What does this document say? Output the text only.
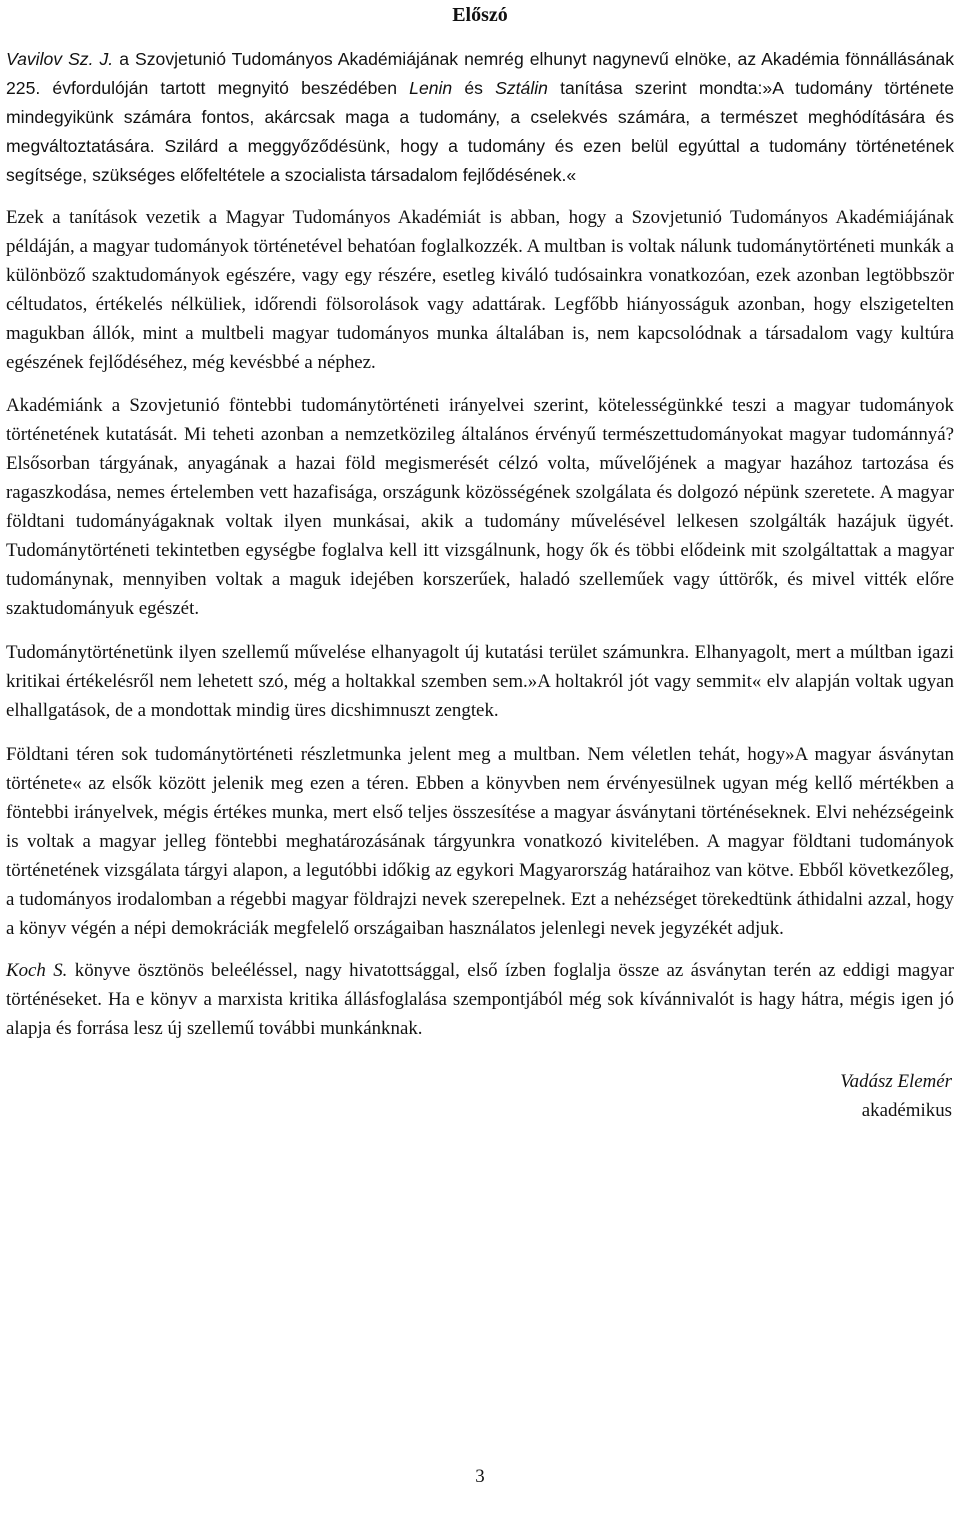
Előszó

Vavilov Sz. J. a Szovjetunió Tudományos Akadémiájának nemrég elhunyt nagynevű elnöke, az Akadémia fönnállásának 225. évfordulóján tartott megnyitó beszédében Lenin és Sztálin tanítása szerint mondta:»A tudomány története mindegyikünk számára fontos, akárcsak maga a tudomány, a cselekvés számára, a természet meghódítására és megváltoztatására. Szilárd a meggyőződésünk, hogy a tudomány és ezen belül egyúttal a tudomány történetének segítsége, szükséges előfeltétele a szocialista társadalom fejlődésének.«

Ezek a tanítások vezetik a Magyar Tudományos Akadémiát is abban, hogy a Szovjetunió Tudományos Akadémiájának példáján, a magyar tudományok történetével behatóan foglalkozzék. A multban is voltak nálunk tudománytörténeti munkák a különböző szaktudományok egészére, vagy egy részére, esetleg kiváló tudósainkra vonatkozóan, ezek azonban legtöbbször céltudatos, értékelés nélküliek, időrendi fölsorolások vagy adattárak. Legfőbb hiányosságuk azonban, hogy elszigetelten magukban állók, mint a multbeli magyar tudományos munka általában is, nem kapcsolódnak a társadalom vagy kultúra egészének fejlődéséhez, még kevésbbé a néphez.

Akadémiánk a Szovjetunió föntebbi tudománytörténeti irányelvei szerint, kötelességünkké teszi a magyar tudományok történetének kutatását. Mi teheti azonban a nemzetközileg általános érvényű természettudományokat magyar tudománnyá? Elsősorban tárgyának, anyagának a hazai föld megismerését célzó volta, művelőjének a magyar hazához tartozása és ragaszkodása, nemes értelemben vett hazafisága, országunk közösségének szolgálata és dolgozó népünk szeretete. A magyar földtani tudományágaknak voltak ilyen munkásai, akik a tudomány művelésével lelkesen szolgálták hazájuk ügyét. Tudománytörténeti tekintetben egységbe foglalva kell itt vizsgálnunk, hogy ők és többi elődeink mit szolgáltattak a magyar tudománynak, mennyiben voltak a maguk idejében korszerűek, haladó szelleműek vagy úttörők, és mivel vitték előre szaktudományuk egészét.

Tudománytörténetünk ilyen szellemű művelése elhanyagolt új kutatási terület számunkra. Elhanyagolt, mert a múltban igazi kritikai értékelésről nem lehetett szó, még a holtakkal szemben sem.»A holtakról jót vagy semmit« elv alapján voltak ugyan elhallgatások, de a mondottak mindig üres dicshimnuszt zengtek.

Földtani téren sok tudománytörténeti részletmunka jelent meg a multban. Nem véletlen tehát, hogy»A magyar ásványtan története« az elsők között jelenik meg ezen a téren. Ebben a könyvben nem érvényesülnek ugyan még kellő mértékben a föntebbi irányelvek, mégis értékes munka, mert első teljes összesítése a magyar ásványtani történéseknek. Elvi nehézségeink is voltak a magyar jelleg föntebbi meghatározásának tárgyunkra vonatkozó kivitelében. A magyar földtani tudományok történetének vizsgálata tárgyi alapon, a legutóbbi időkig az egykori Magyarország határaihoz van kötve. Ebből következőleg, a tudományos irodalomban a régebbi magyar földrajzi nevek szerepelnek. Ezt a nehézséget törekedtünk áthidalni azzal, hogy a könyv végén a népi demokráciák megfelelő országaiban használatos jelenlegi nevek jegyzékét adjuk.

Koch S. könyve ösztönös beleéléssel, nagy hivatottsággal, első ízben foglalja össze az ásványtan terén az eddigi magyar történéseket. Ha e könyv a marxista kritika állásfoglalása szempontjából még sok kívánnivalót is hagy hátra, mégis igen jó alapja és forrása lesz új szellemű további munkánknak.

Vadász Elemér
akadémikus
3
